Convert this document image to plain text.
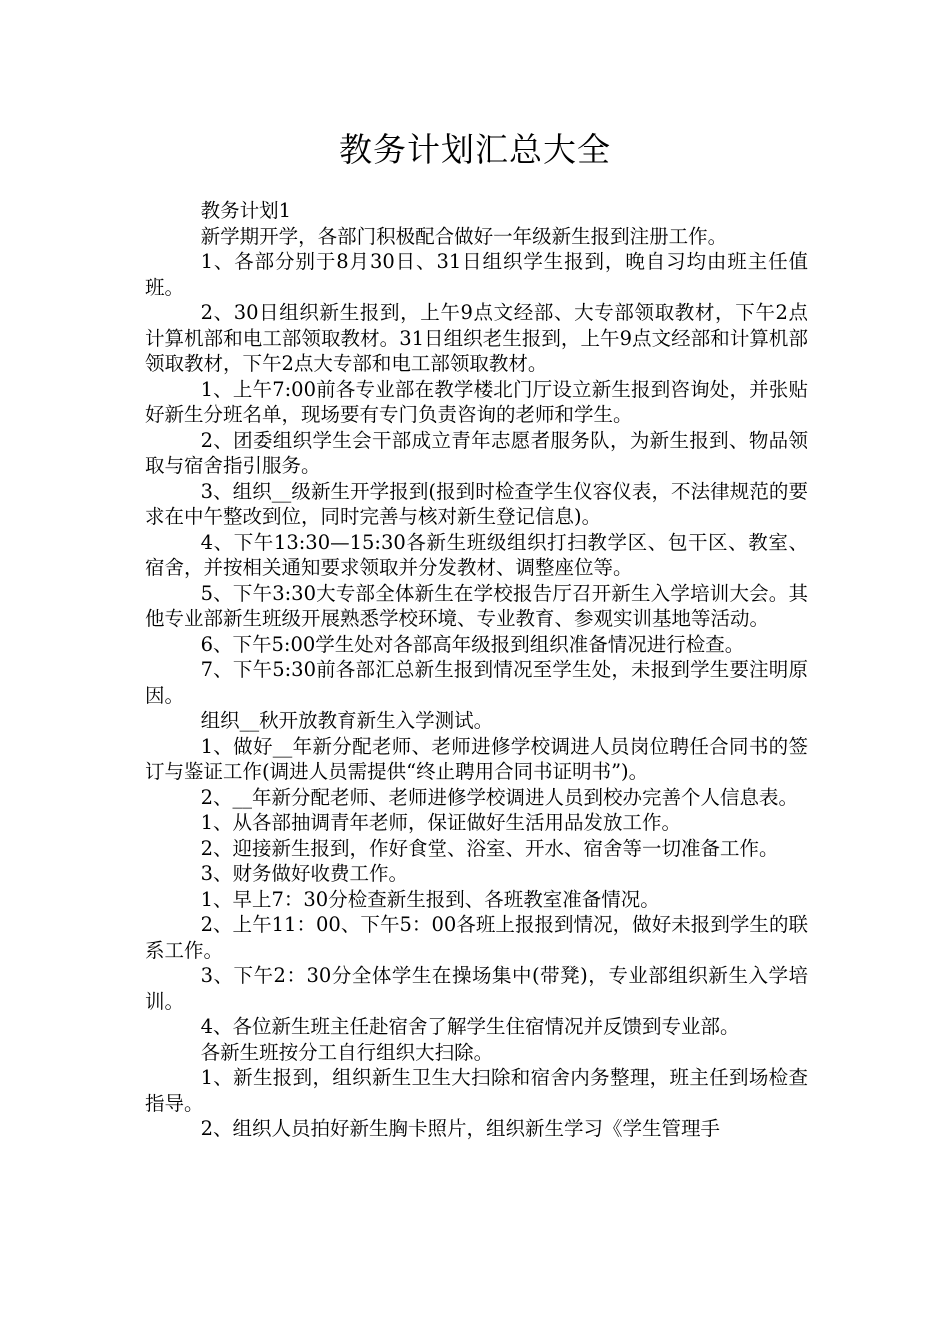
教务计划汇总大全

教务计划1

新学期开学，各部门积极配合做好一年级新生报到注册工作。

1、各部分别于8月30日、31日组织学生报到，晚自习均由班主任值班。

2、30日组织新生报到，上午9点文经部、大专部领取教材，下午2点计算机部和电工部领取教材。31日组织老生报到，上午9点文经部和计算机部领取教材，下午2点大专部和电工部领取教材。

1、上午7:00前各专业部在教学楼北门厅设立新生报到咨询处，并张贴好新生分班名单，现场要有专门负责咨询的老师和学生。

2、团委组织学生会干部成立青年志愿者服务队，为新生报到、物品领取与宿舍指引服务。

3、组织__级新生开学报到(报到时检查学生仪容仪表，不法律规范的要求在中午整改到位，同时完善与核对新生登记信息)。

4、下午13:30—15:30各新生班级组织打扫教学区、包干区、教室、宿舍，并按相关通知要求领取并分发教材、调整座位等。

5、下午3:30大专部全体新生在学校报告厅召开新生入学培训大会。其他专业部新生班级开展熟悉学校环境、专业教育、参观实训基地等活动。

6、下午5:00学生处对各部高年级报到组织准备情况进行检查。

7、下午5:30前各部汇总新生报到情况至学生处，未报到学生要注明原因。

组织__秋开放教育新生入学测试。

1、做好__年新分配老师、老师进修学校调进人员岗位聘任合同书的签订与鉴证工作(调进人员需提供“终止聘用合同书证明书”)。

2、__年新分配老师、老师进修学校调进人员到校办完善个人信息表。

1、从各部抽调青年老师，保证做好生活用品发放工作。

2、迎接新生报到，作好食堂、浴室、开水、宿舍等一切准备工作。

3、财务做好收费工作。

1、早上7：30分检查新生报到、各班教室准备情况。

2、上午11：00、下午5：00各班上报报到情况，做好未报到学生的联系工作。

3、下午2：30分全体学生在操场集中(带凳)，专业部组织新生入学培训。

4、各位新生班主任赴宿舍了解学生住宿情况并反馈到专业部。

各新生班按分工自行组织大扫除。

1、新生报到，组织新生卫生大扫除和宿舍内务整理，班主任到场检查指导。

2、组织人员拍好新生胸卡照片，组织新生学习《学生管理手
